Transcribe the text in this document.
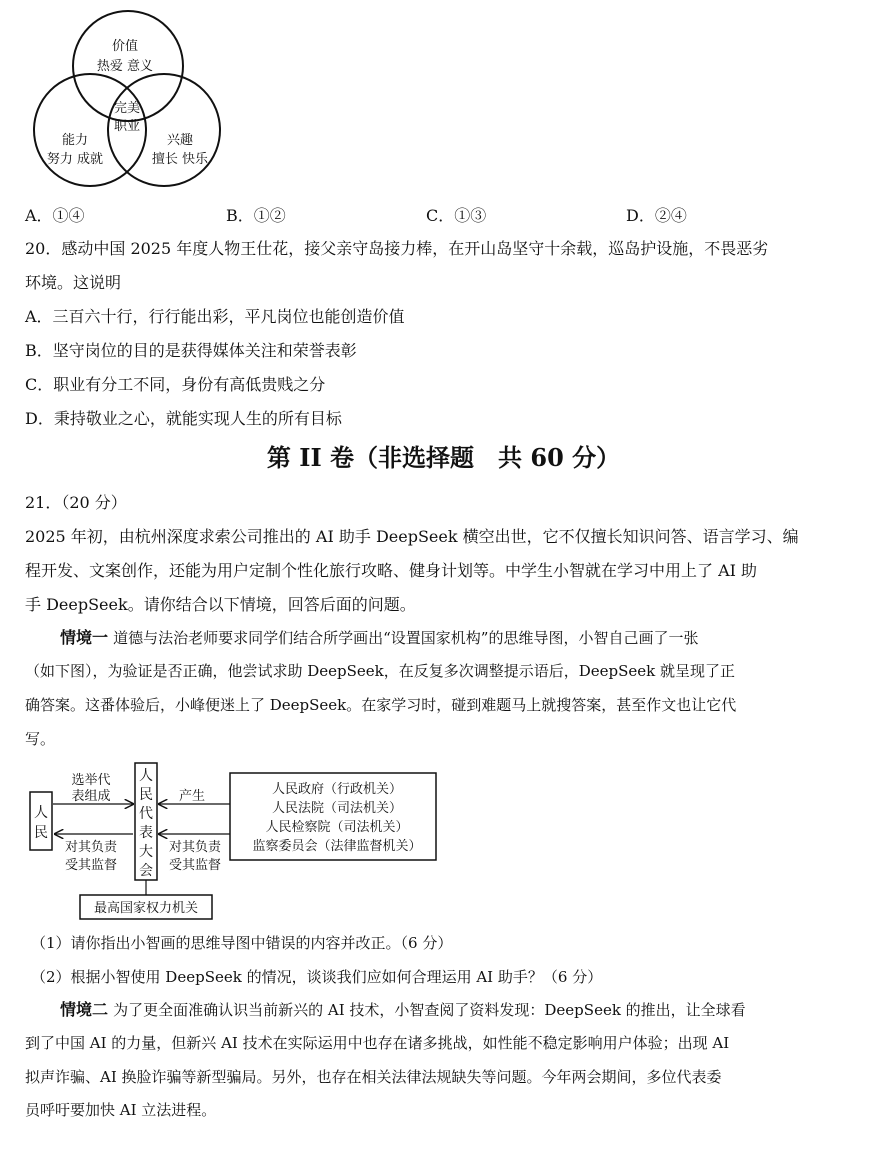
价值
热爱 意义
完美
职业
能力
努力 成就
兴趣
擅长 快乐
A．①④	B．①②	C．①③	D．②④
20．感动中国 2025 年度人物王仕花，接父亲守岛接力棒，在开山岛坚守十余载，巡岛护设施，不畏恶劣
环境。这说明
A．三百六十行，行行能出彩，平凡岗位也能创造价值
B．坚守岗位的目的是获得媒体关注和荣誉表彰
C．职业有分工不同，身份有高低贵贱之分
D．秉持敬业之心，就能实现人生的所有目标
第 II 卷（非选择题　共 60 分）
21．（20 分）
2025 年初，由杭州深度求索公司推出的 AI 助手 DeepSeek 横空出世，它不仅擅长知识问答、语言学习、编
程开发、文案创作，还能为用户定制个性化旅行攻略、健身计划等。中学生小智就在学习中用上了 AI 助
手 DeepSeek。请你结合以下情境，回答后面的问题。
情境一 道德与法治老师要求同学们结合所学画出“设置国家机构”的思维导图，小智自己画了一张
（如下图），为验证是否正确，他尝试求助 DeepSeek，在反复多次调整提示语后，DeepSeek 就呈现了正
确答案。这番体验后，小峰便迷上了 DeepSeek。在家学习时，碰到难题马上就搜答案，甚至作文也让它代
写。
人
民
人
民
代
表
大
会
选举代
表组成
对其负责
受其监督
产生
对其负责
受其监督
人民政府（行政机关）
人民法院（司法机关）
人民检察院（司法机关）
监察委员会（法律监督机关）
最高国家权力机关
（1）请你指出小智画的思维导图中错误的内容并改正。（6 分）
（2）根据小智使用 DeepSeek 的情况，谈谈我们应如何合理运用 AI 助手？（6 分）
情境二 为了更全面准确认识当前新兴的 AI 技术，小智查阅了资料发现：DeepSeek 的推出，让全球看
到了中国 AI 的力量，但新兴 AI 技术在实际运用中也存在诸多挑战，如性能不稳定影响用户体验；出现 AI
拟声诈骗、AI 换脸诈骗等新型骗局。另外，也存在相关法律法规缺失等问题。今年两会期间，多位代表委
员呼吁要加快 AI 立法进程。
